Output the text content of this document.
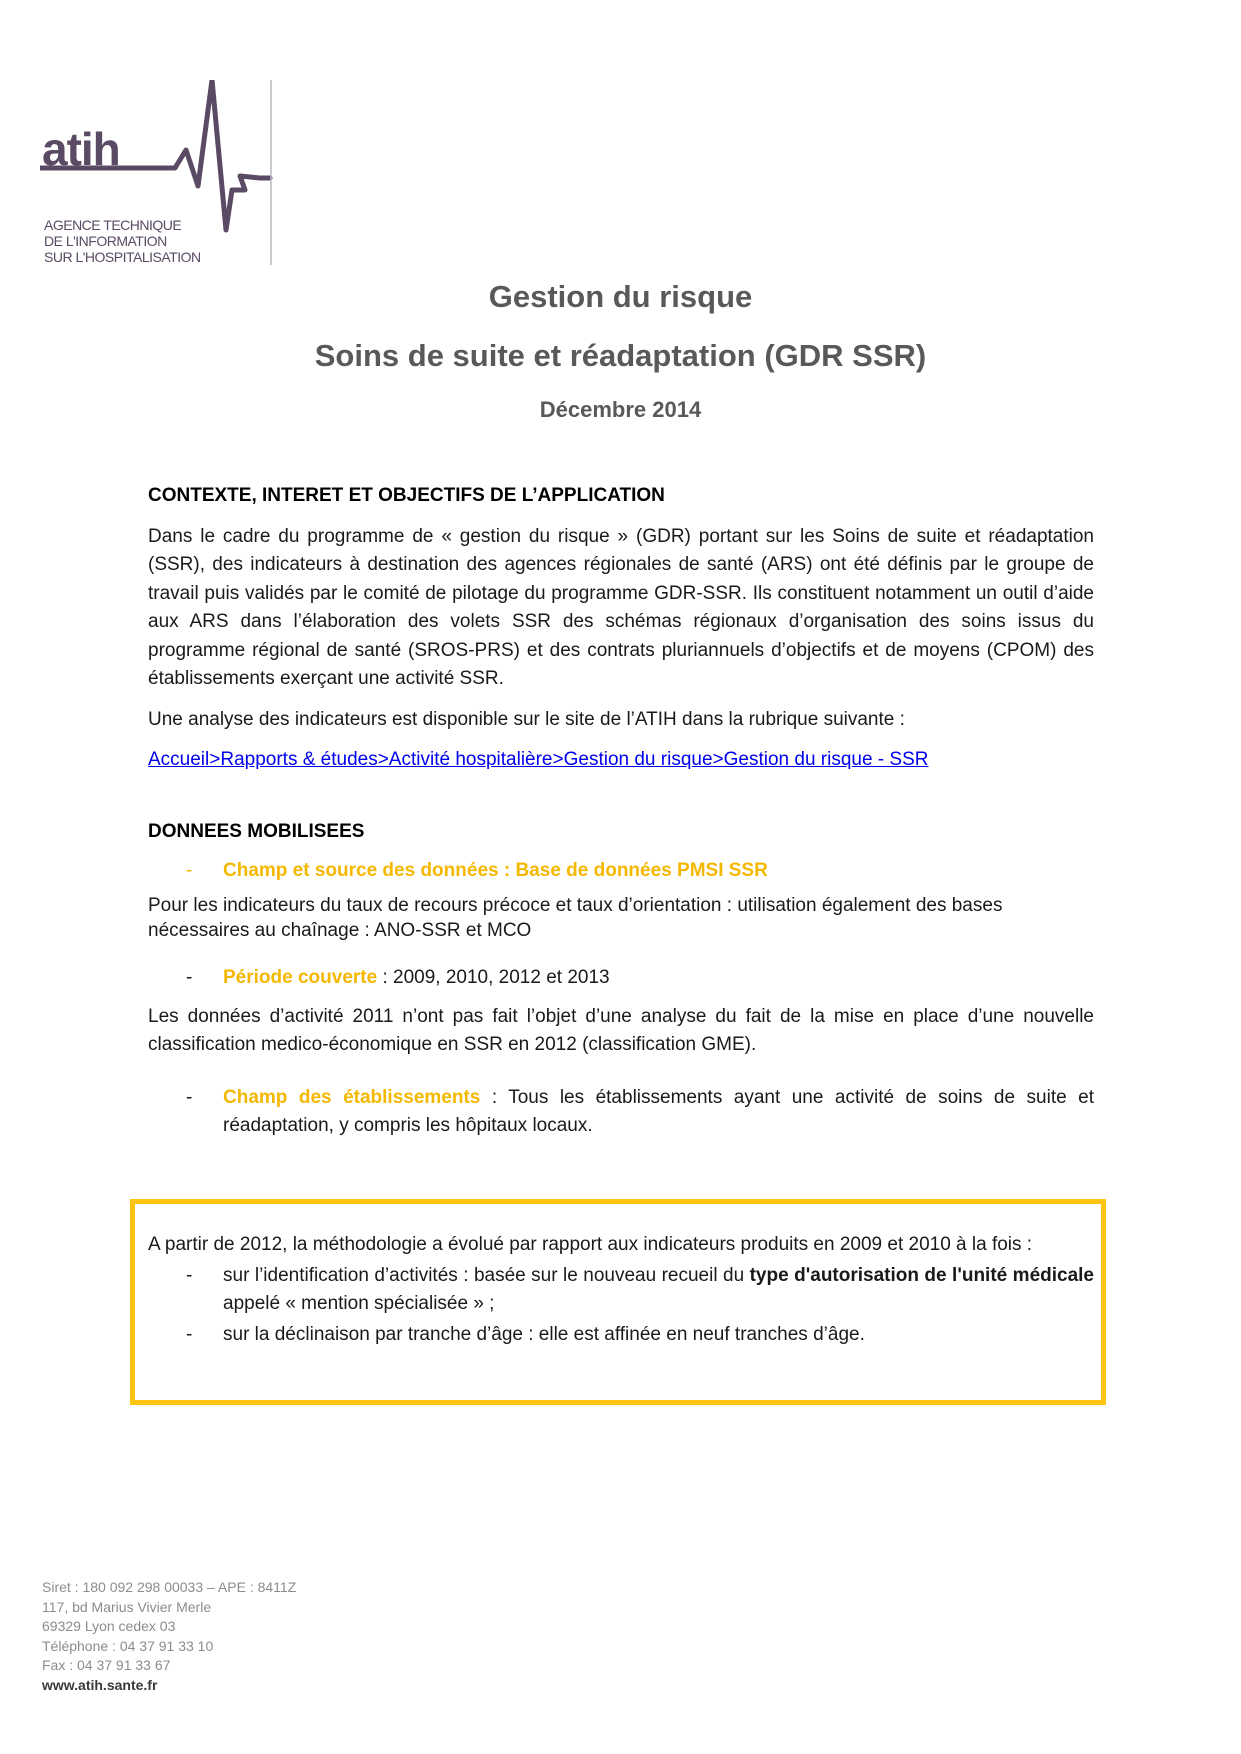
atih
AGENCE TECHNIQUE
DE L'INFORMATION
SUR L'HOSPITALISATION
Gestion du risque
Soins de suite et réadaptation (GDR SSR)
Décembre 2014
CONTEXTE, INTERET ET OBJECTIFS DE L’APPLICATION
Dans le cadre du programme de « gestion du risque » (GDR) portant sur les Soins de suite et réadaptation (SSR), des indicateurs à destination des agences régionales de santé (ARS) ont été définis par le groupe de travail puis validés par le comité de pilotage du programme GDR-SSR. Ils constituent notamment un outil d’aide aux ARS dans l’élaboration des volets SSR des schémas régionaux d’organisation des soins issus du programme régional de santé (SROS-PRS) et des contrats pluriannuels d’objectifs et de moyens (CPOM) des établissements exerçant une activité SSR.
Une analyse des indicateurs est disponible sur le site de l’ATIH dans la rubrique suivante :
Accueil>Rapports & études>Activité hospitalière>Gestion du risque>Gestion du risque - SSR
DONNEES MOBILISEES
- Champ et source des données : Base de données PMSI SSR
Pour les indicateurs du taux de recours précoce et taux d’orientation : utilisation également des bases nécessaires au chaînage : ANO-SSR et MCO
- Période couverte : 2009, 2010, 2012 et 2013
Les données d’activité 2011 n’ont pas fait l’objet d’une analyse du fait de la mise en place d’une nouvelle classification medico-économique en SSR en 2012 (classification GME).
- Champ des établissements : Tous les établissements ayant une activité de soins de suite et réadaptation, y compris les hôpitaux locaux.
A partir de 2012, la méthodologie a évolué par rapport aux indicateurs produits en 2009 et 2010 à la fois :
- sur l’identification d’activités : basée sur le nouveau recueil du type d'autorisation de l'unité médicale appelé « mention spécialisée » ;
- sur la déclinaison par tranche d’âge : elle est affinée en neuf tranches d’âge.
Siret : 180 092 298 00033 – APE : 8411Z
117, bd Marius Vivier Merle
69329 Lyon cedex 03
Téléphone : 04 37 91 33 10
Fax : 04 37 91 33 67
www.atih.sante.fr
